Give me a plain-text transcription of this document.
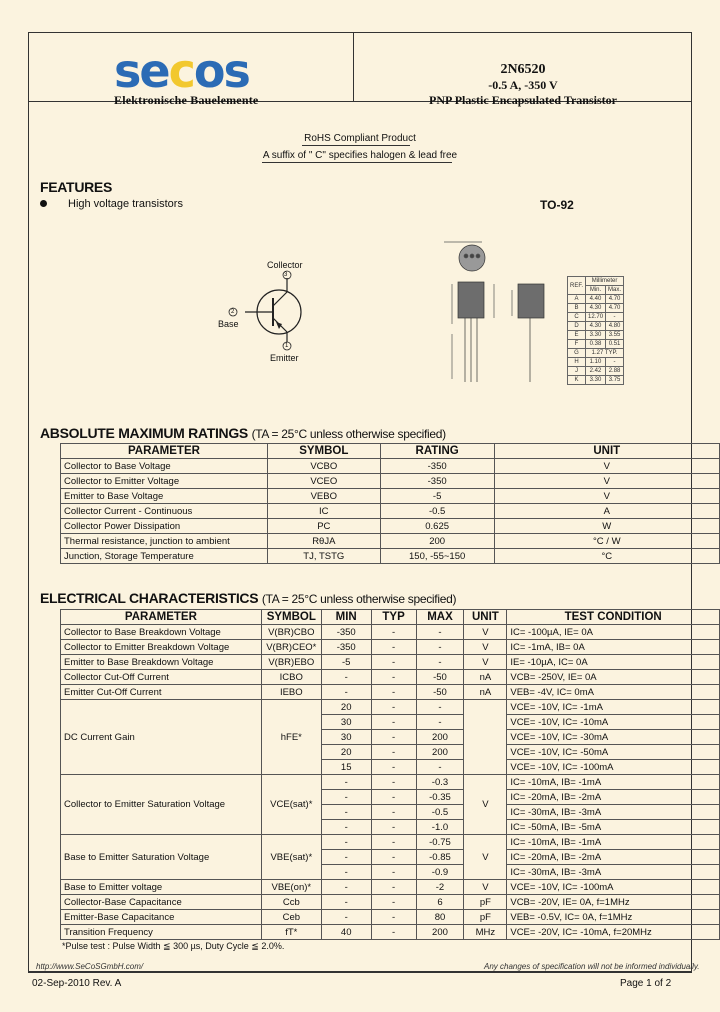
secos
Elektronische Bauelemente
2N6520
-0.5 A, -350 V
PNP Plastic Encapsulated Transistor
RoHS Compliant Product
A suffix of " C" specifies halogen & lead free
FEATURES
High voltage transistors	TO-92
Collector
3
2
Base
1
Emitter
REF.	Millimeter	
	Min.	Max.
A	4.40	4.70
B	4.30	4.70
C	12.70	-
D	4.30	4.80
E	3.30	3.55
F	0.38	0.51
G	1.27 TYP.	
H	1.10	-
J	2.42	2.88
K	3.30	3.75
ABSOLUTE MAXIMUM RATINGS (TA = 25°C unless otherwise specified)
PARAMETER	SYMBOL	RATING	UNIT
Collector to Base Voltage	VCBO	-350	V
Collector to Emitter Voltage	VCEO	-350	V
Emitter to Base Voltage	VEBO	-5	V
Collector Current - Continuous	IC	-0.5	A
Collector Power Dissipation	PC	0.625	W
Thermal resistance, junction to ambient	RθJA	200	°C / W
Junction, Storage Temperature	TJ, TSTG	150, -55~150	°C
ELECTRICAL CHARACTERISTICS (TA = 25°C unless otherwise specified)
PARAMETER	SYMBOL	MIN	TYP	MAX	UNIT	TEST CONDITION
Collector to Base Breakdown Voltage	V(BR)CBO	-350	-	-	V	IC= -100µA, IE= 0A
Collector to Emitter Breakdown Voltage	V(BR)CEO*	-350	-	-	V	IC= -1mA, IB= 0A
Emitter to Base Breakdown Voltage	V(BR)EBO	-5	-	-	V	IE= -10µA, IC= 0A
Collector Cut-Off Current	ICBO	-	-	-50	nA	VCB= -250V, IE= 0A
Emitter Cut-Off Current	IEBO	-	-	-50	nA	VEB= -4V, IC= 0mA
DC Current Gain	hFE*	20	-	-		VCE= -10V, IC= -1mA
		30	-	-		VCE= -10V, IC= -10mA
		30	-	200		VCE= -10V, IC= -30mA
		20	-	200		VCE= -10V, IC= -50mA
		15	-	-		VCE= -10V, IC= -100mA
Collector to Emitter Saturation Voltage	VCE(sat)*	-	-	-0.3	V	IC= -10mA, IB= -1mA
		-	-	-0.35		IC= -20mA, IB= -2mA
		-	-	-0.5		IC= -30mA, IB= -3mA
		-	-	-1.0		IC= -50mA, IB= -5mA
Base to Emitter Saturation Voltage	VBE(sat)*	-	-	-0.75	V	IC= -10mA, IB= -1mA
		-	-	-0.85		IC= -20mA, IB= -2mA
		-	-	-0.9		IC= -30mA, IB= -3mA
Base to Emitter voltage	VBE(on)*	-	-	-2	V	VCE= -10V, IC= -100mA
Collector-Base Capacitance	Ccb	-	-	6	pF	VCB= -20V, IE= 0A, f=1MHz
Emitter-Base Capacitance	Ceb	-	-	80	pF	VEB= -0.5V, IC= 0A, f=1MHz
Transition Frequency	fT*	40	-	200	MHz	VCE= -20V, IC= -10mA, f=20MHz
*Pulse test : Pulse Width ≦ 300 µs, Duty Cycle ≦ 2.0%.
http://www.SeCoSGmbH.com/	Any changes of specification will not be informed individually.
02-Sep-2010 Rev. A	Page 1 of 2
